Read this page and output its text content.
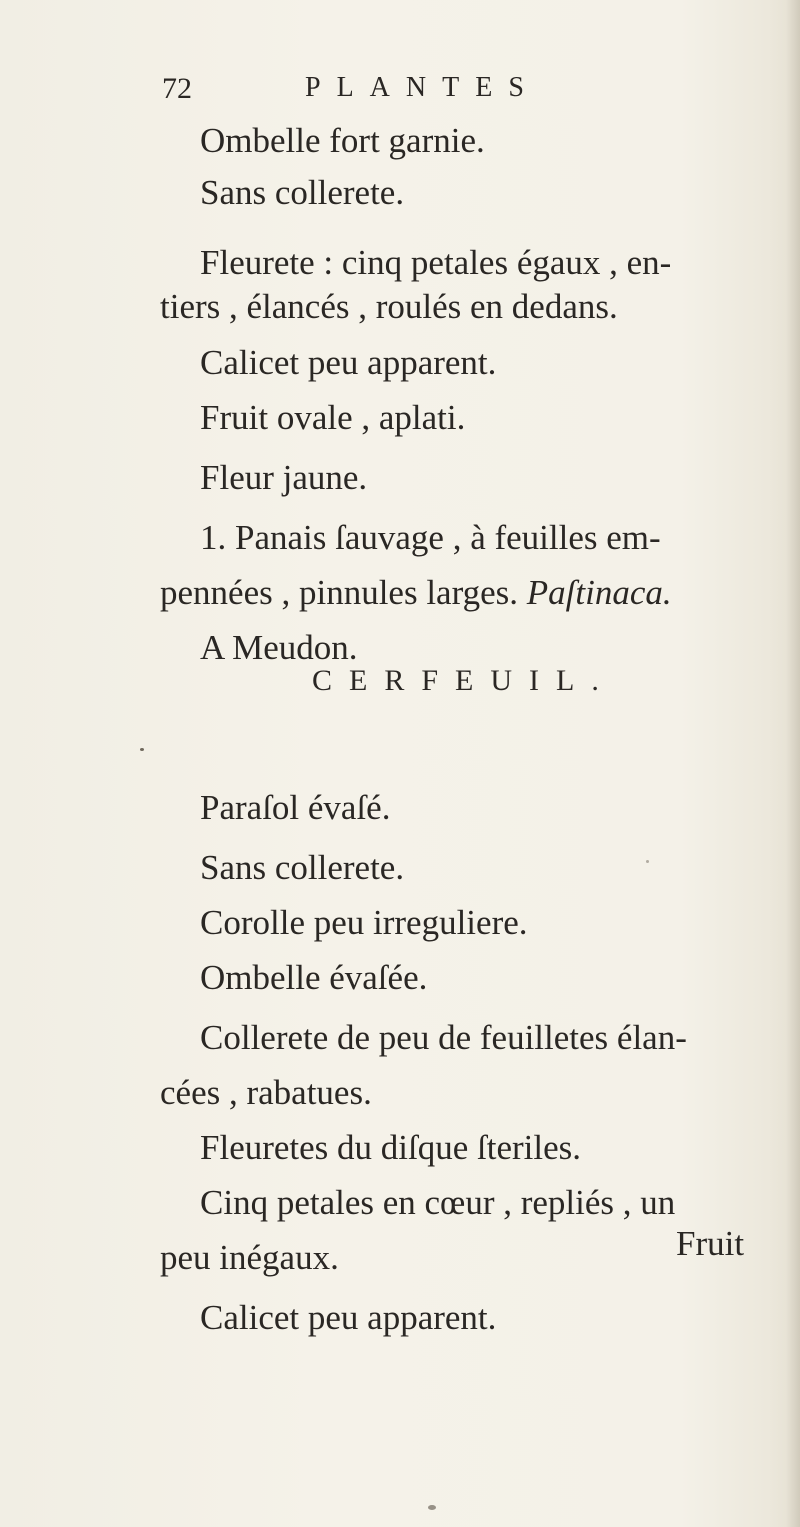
72	PLANTES
Ombelle fort garnie.
Sans collerete.
Fleurete : cinq petales égaux , en-
tiers , élancés , roulés en dedans.
Calicet peu apparent.
Fruit ovale , aplati.
Fleur jaune.
1. Panais ſauvage , à feuilles em-
pennées , pinnules larges. Paſtinaca.
A Meudon.
CERFEUIL.
Paraſol évaſé.
Sans collerete.
Corolle peu irreguliere.
Ombelle évaſée.
Collerete de peu de feuilletes élan-
cées , rabatues.
Fleuretes du diſque ſteriles.
Cinq petales en cœur , repliés , un
peu inégaux.
Calicet peu apparent.
Fruit
